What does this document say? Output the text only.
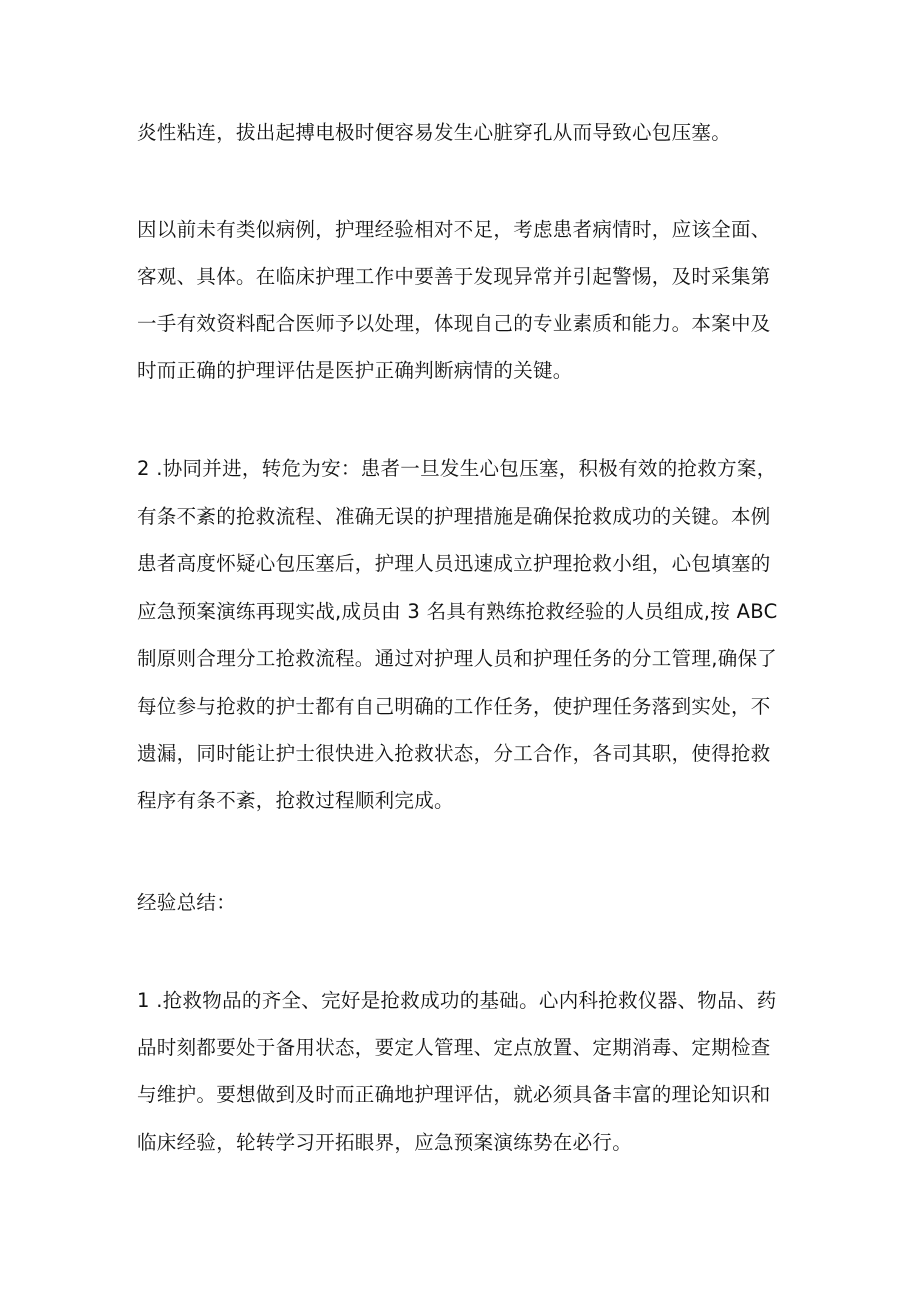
炎性粘连，拔出起搏电极时便容易发生心脏穿孔从而导致心包压塞。
因以前未有类似病例，护理经验相对不足，考虑患者病情时，应该全面、
客观、具体。在临床护理工作中要善于发现异常并引起警惕，及时采集第
一手有效资料配合医师予以处理，体现自己的专业素质和能力。本案中及
时而正确的护理评估是医护正确判断病情的关键。
2 .协同并进，转危为安：患者一旦发生心包压塞，积极有效的抢救方案，
有条不紊的抢救流程、准确无误的护理措施是确保抢救成功的关键。本例
患者高度怀疑心包压塞后，护理人员迅速成立护理抢救小组，心包填塞的
应急预案演练再现实战,成员由 3 名具有熟练抢救经验的人员组成,按 ABC
制原则合理分工抢救流程。通过对护理人员和护理任务的分工管理,确保了
每位参与抢救的护士都有自己明确的工作任务，使护理任务落到实处，不
遗漏，同时能让护士很快进入抢救状态，分工合作，各司其职，使得抢救
程序有条不紊，抢救过程顺利完成。
经验总结：
1 .抢救物品的齐全、完好是抢救成功的基础。心内科抢救仪器、物品、药
品时刻都要处于备用状态，要定人管理、定点放置、定期消毒、定期检查
与维护。要想做到及时而正确地护理评估，就必须具备丰富的理论知识和
临床经验，轮转学习开拓眼界，应急预案演练势在必行。
